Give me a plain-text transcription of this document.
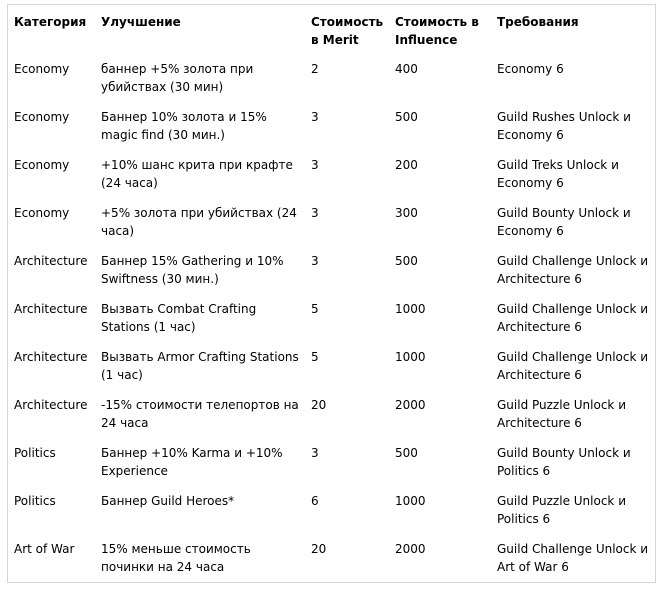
Категория	Улучшение	Стоимость в Merit	Стоимость в Influence	Требования
Economy	баннер +5% золота при убийствах (30 мин)	2	400	Economy 6
Economy	Баннер 10% золота и 15% magic find (30 мин.)	3	500	Guild Rushes Unlock и Economy 6
Economy	+10% шанс крита при крафте (24 часа)	3	200	Guild Treks Unlock и Economy 6
Economy	+5% золота при убийствах (24 часа)	3	300	Guild Bounty Unlock и Economy 6
Architecture	Баннер 15% Gathering и 10% Swiftness (30 мин.)	3	500	Guild Challenge Unlock и Architecture 6
Architecture	Вызвать Combat Crafting Stations (1 час)	5	1000	Guild Challenge Unlock и Architecture 6
Architecture	Вызвать Armor Crafting Stations (1 час)	5	1000	Guild Challenge Unlock и Architecture 6
Architecture	-15% стоимости телепортов на 24 часа	20	2000	Guild Puzzle Unlock и Architecture 6
Politics	Баннер +10% Karma и +10% Experience	3	500	Guild Bounty Unlock и Politics 6
Politics	Баннер Guild Heroes*	6	1000	Guild Puzzle Unlock и Politics 6
Art of War	15% меньше стоимость починки на 24 часа	20	2000	Guild Challenge Unlock и Art of War 6
